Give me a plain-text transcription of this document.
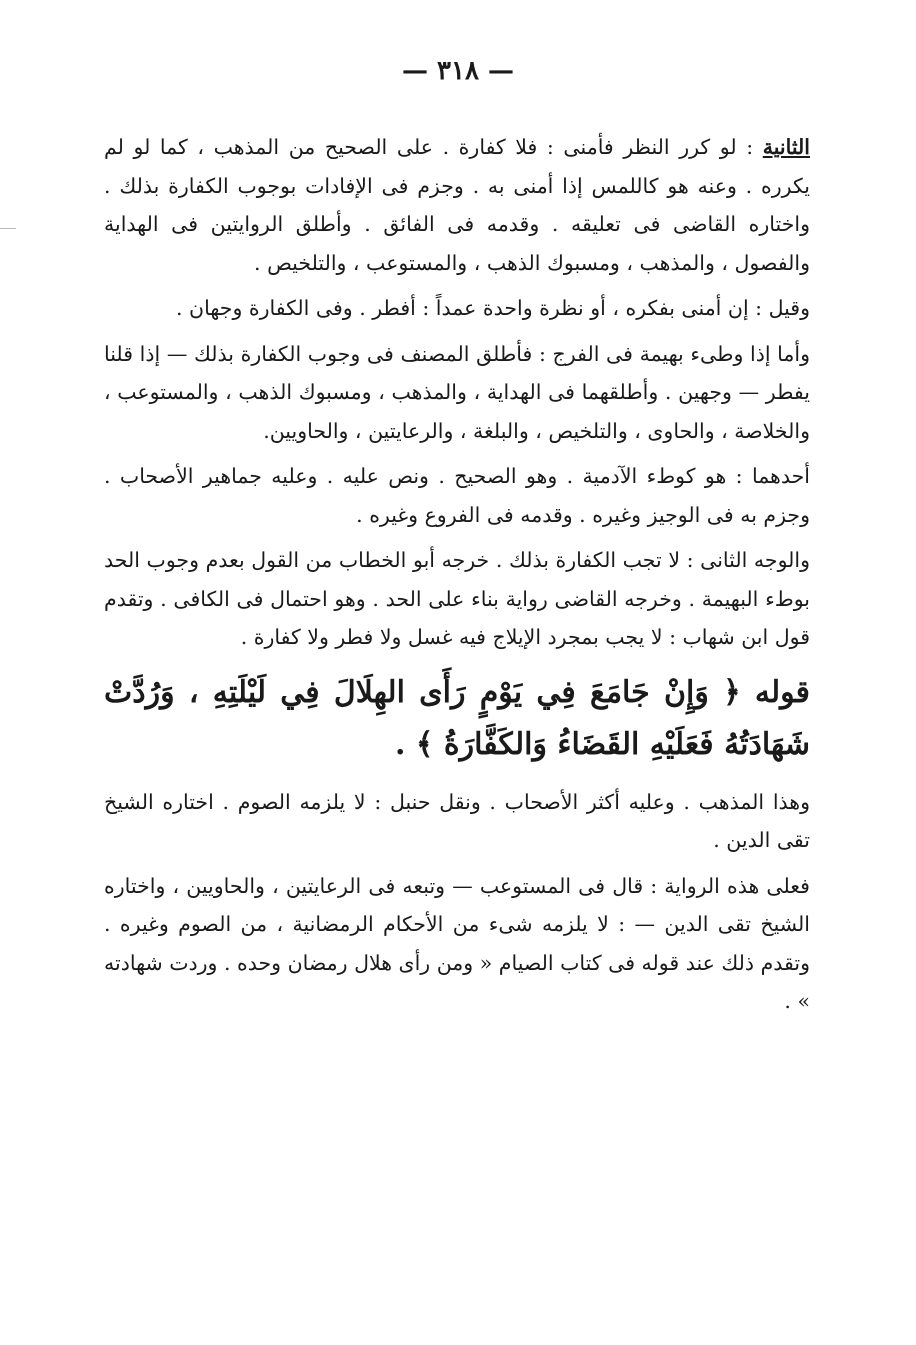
— ٣١٨ —

الثانية : لو كرر النظر فأمنى : فلا كفارة . على الصحيح من المذهب ، كما لو لم يكرره . وعنه هو كاللمس إذا أمنى به . وجزم فى الإفادات بوجوب الكفارة بذلك . واختاره القاضى فى تعليقه . وقدمه فى الفائق . وأطلق الروايتين فى الهداية والفصول ، والمذهب ، ومسبوك الذهب ، والمستوعب ، والتلخيص .

وقيل : إن أمنى بفكره ، أو نظرة واحدة عمداً : أفطر . وفى الكفارة وجهان .

وأما إذا وطىء بهيمة فى الفرج : فأطلق المصنف فى وجوب الكفارة بذلك — إذا قلنا يفطر — وجهين . وأطلقهما فى الهداية ، والمذهب ، ومسبوك الذهب ، والمستوعب ، والخلاصة ، والحاوى ، والتلخيص ، والبلغة ، والرعايتين ، والحاويين.

أحدهما : هو كوطء الآدمية . وهو الصحيح . ونص عليه . وعليه جماهير الأصحاب . وجزم به فى الوجيز وغيره . وقدمه فى الفروع وغيره .

والوجه الثانى : لا تجب الكفارة بذلك . خرجه أبو الخطاب من القول بعدم وجوب الحد بوطء البهيمة . وخرجه القاضى رواية بناء على الحد . وهو احتمال فى الكافى . وتقدم قول ابن شهاب : لا يجب بمجرد الإيلاج فيه غسل ولا فطر ولا كفارة .

قوله ﴿ وَإِنْ جَامَعَ فِي يَوْمٍ رَأَى الهِلَالَ فِي لَيْلَتِهِ ، وَرُدَّتْ شَهَادَتُهُ فَعَلَيْهِ القَضَاءُ وَالكَفَّارَةُ ﴾ .

وهذا المذهب . وعليه أكثر الأصحاب . ونقل حنبل : لا يلزمه الصوم . اختاره الشيخ تقى الدين .

فعلى هذه الرواية : قال فى المستوعب — وتبعه فى الرعايتين ، والحاويين ، واختاره الشيخ تقى الدين — : لا يلزمه شىء من الأحكام الرمضانية ، من الصوم وغيره . وتقدم ذلك عند قوله فى كتاب الصيام « ومن رأى هلال رمضان وحده . وردت شهادته » .
